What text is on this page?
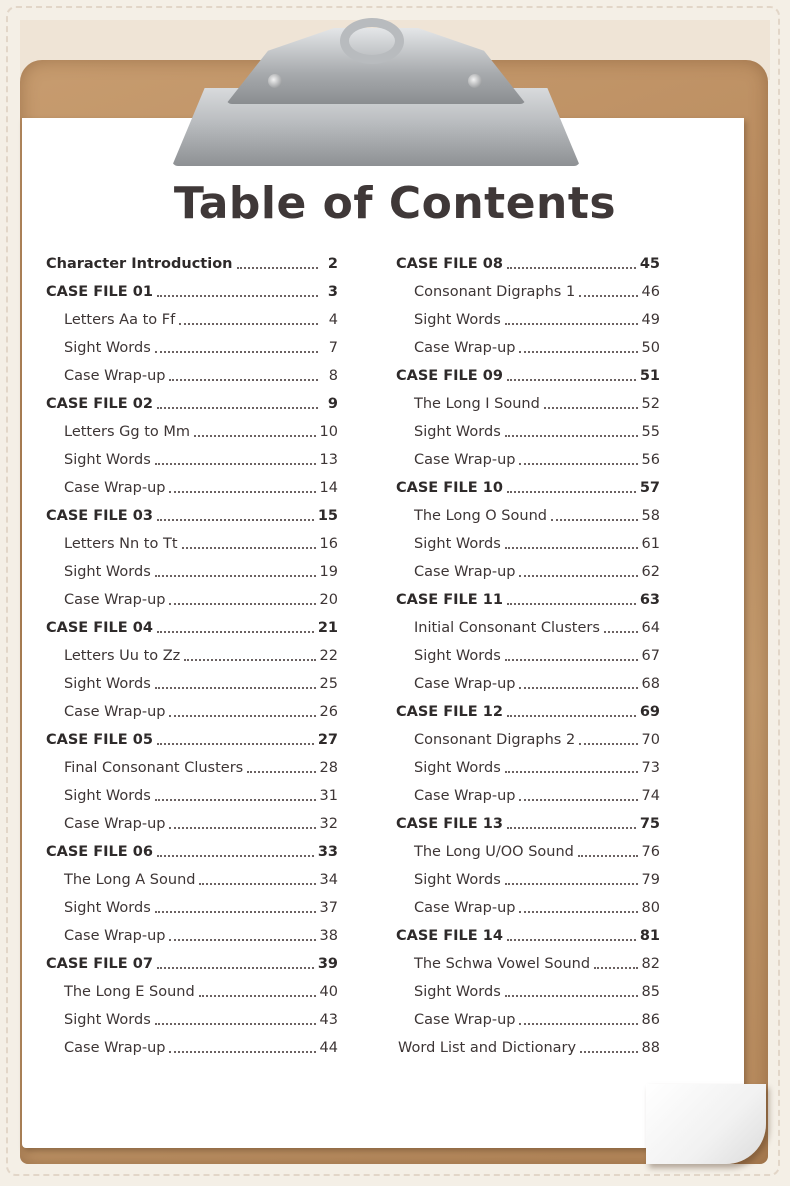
Table of Contents
Character Introduction	2
CASE FILE 01	3
Letters Aa to Ff	4
Sight Words	7
Case Wrap-up	8
CASE FILE 02	9
Letters Gg to Mm	10
Sight Words	13
Case Wrap-up	14
CASE FILE 03	15
Letters Nn to Tt	16
Sight Words	19
Case Wrap-up	20
CASE FILE 04	21
Letters Uu to Zz	22
Sight Words	25
Case Wrap-up	26
CASE FILE 05	27
Final Consonant Clusters	28
Sight Words	31
Case Wrap-up	32
CASE FILE 06	33
The Long A Sound	34
Sight Words	37
Case Wrap-up	38
CASE FILE 07	39
The Long E Sound	40
Sight Words	43
Case Wrap-up	44
CASE FILE 08	45
Consonant Digraphs 1	46
Sight Words	49
Case Wrap-up	50
CASE FILE 09	51
The Long I Sound	52
Sight Words	55
Case Wrap-up	56
CASE FILE 10	57
The Long O Sound	58
Sight Words	61
Case Wrap-up	62
CASE FILE 11	63
Initial Consonant Clusters	64
Sight Words	67
Case Wrap-up	68
CASE FILE 12	69
Consonant Digraphs 2	70
Sight Words	73
Case Wrap-up	74
CASE FILE 13	75
The Long U/OO Sound	76
Sight Words	79
Case Wrap-up	80
CASE FILE 14	81
The Schwa Vowel Sound	82
Sight Words	85
Case Wrap-up	86
Word List and Dictionary	88
